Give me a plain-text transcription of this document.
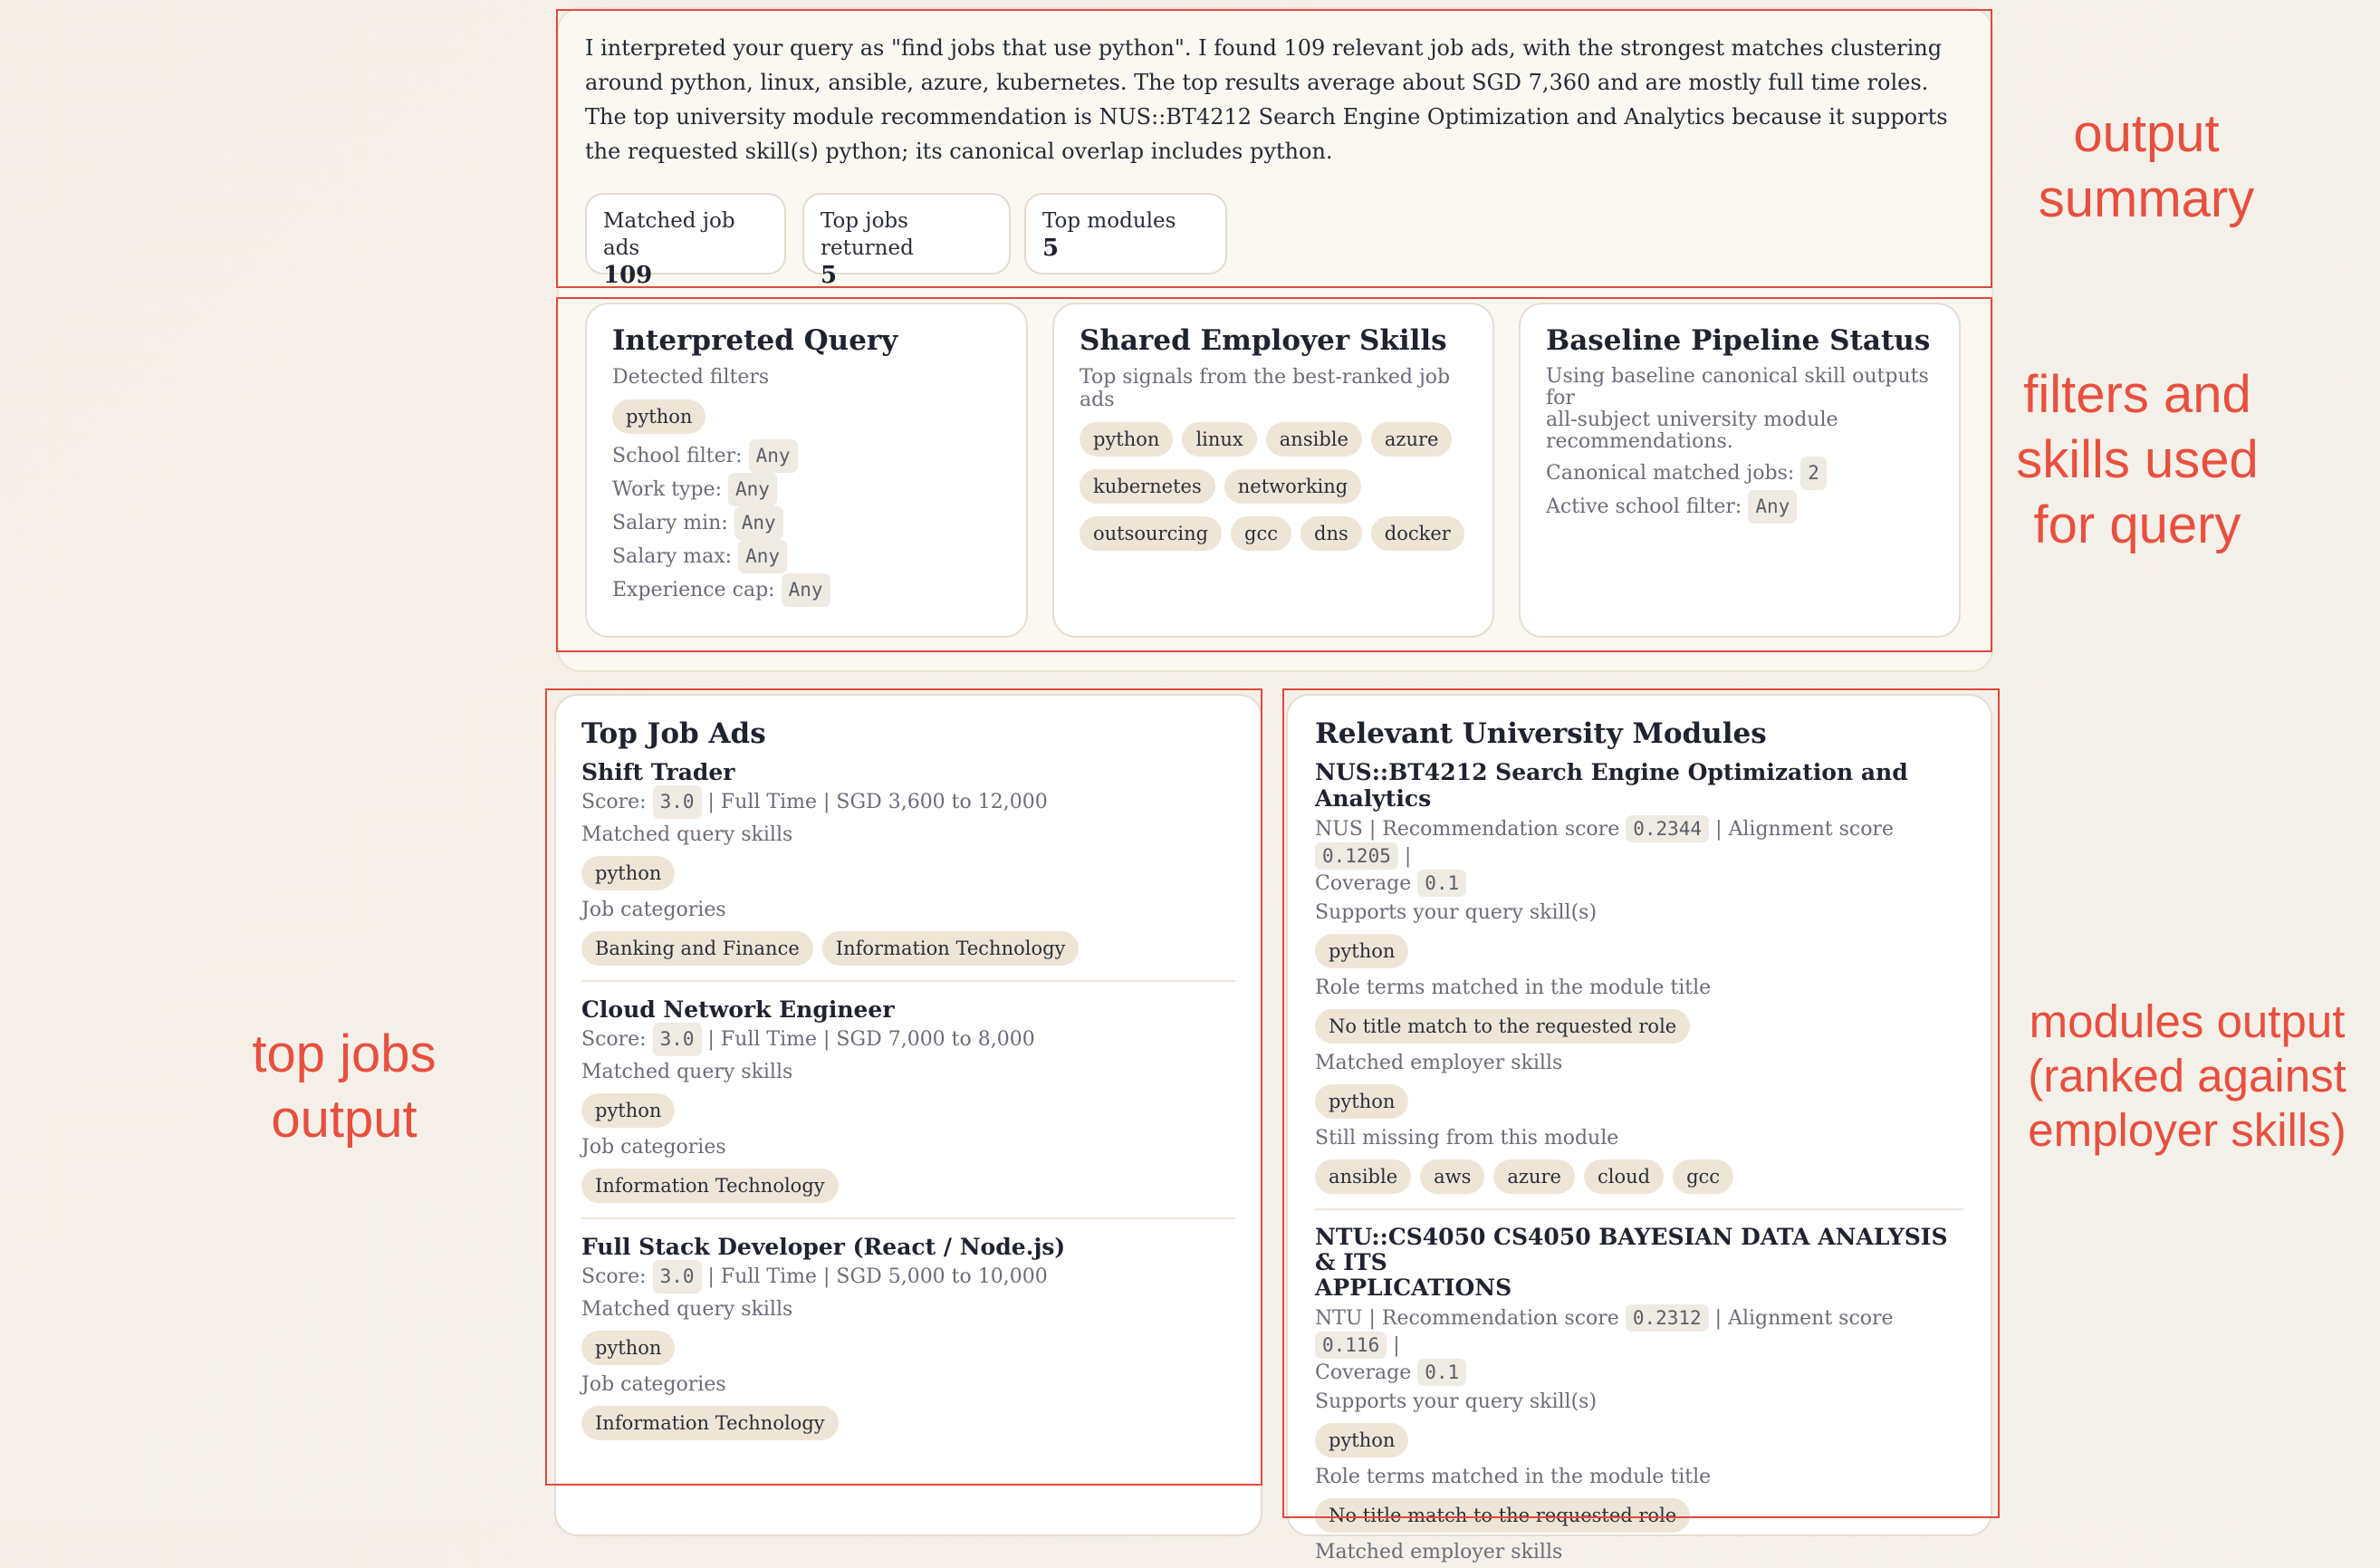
I interpreted your query as "find jobs that use python". I found 109 relevant job ads, with the strongest matches clustering around python, linux, ansible, azure, kubernetes. The top results average about SGD 7,360 and are mostly full time roles. The top university module recommendation is NUS::BT4212 Search Engine Optimization and Analytics because it supports the requested skill(s) python; its canonical overlap includes python.
Matched job ads
109
Top jobs returned
5
Top modules
5
Interpreted Query
Detected filters
python
School filter: Any
Work type: Any
Salary min: Any
Salary max: Any
Experience cap: Any
Shared Employer Skills
Top signals from the best-ranked job ads
python linux ansible azure
kubernetes networking
outsourcing gcc dns docker
Baseline Pipeline Status
Using baseline canonical skill outputs for
all-subject university module
recommendations.
Canonical matched jobs: 2
Active school filter: Any
Top Job Ads
Shift Trader
Score: 3.0 | Full Time | SGD 3,600 to 12,000
Matched query skills
python
Job categories
Banking and Finance Information Technology
Cloud Network Engineer
Score: 3.0 | Full Time | SGD 7,000 to 8,000
Matched query skills
python
Job categories
Information Technology
Full Stack Developer (React / Node.js)
Score: 3.0 | Full Time | SGD 5,000 to 10,000
Matched query skills
python
Job categories
Information Technology
Relevant University Modules
NUS::BT4212 Search Engine Optimization and Analytics
NUS | Recommendation score 0.2344 | Alignment score 0.1205 |
Coverage 0.1
Supports your query skill(s)
python
Role terms matched in the module title
No title match to the requested role
Matched employer skills
python
Still missing from this module
ansible aws azure cloud gcc
NTU::CS4050 CS4050 BAYESIAN DATA ANALYSIS & ITS
APPLICATIONS
NTU | Recommendation score 0.2312 | Alignment score 0.116 |
Coverage 0.1
Supports your query skill(s)
python
Role terms matched in the module title
No title match to the requested role
Matched employer skills
output
summary
filters and
skills used
for query
top jobs
output
modules output
(ranked against
employer skills)
